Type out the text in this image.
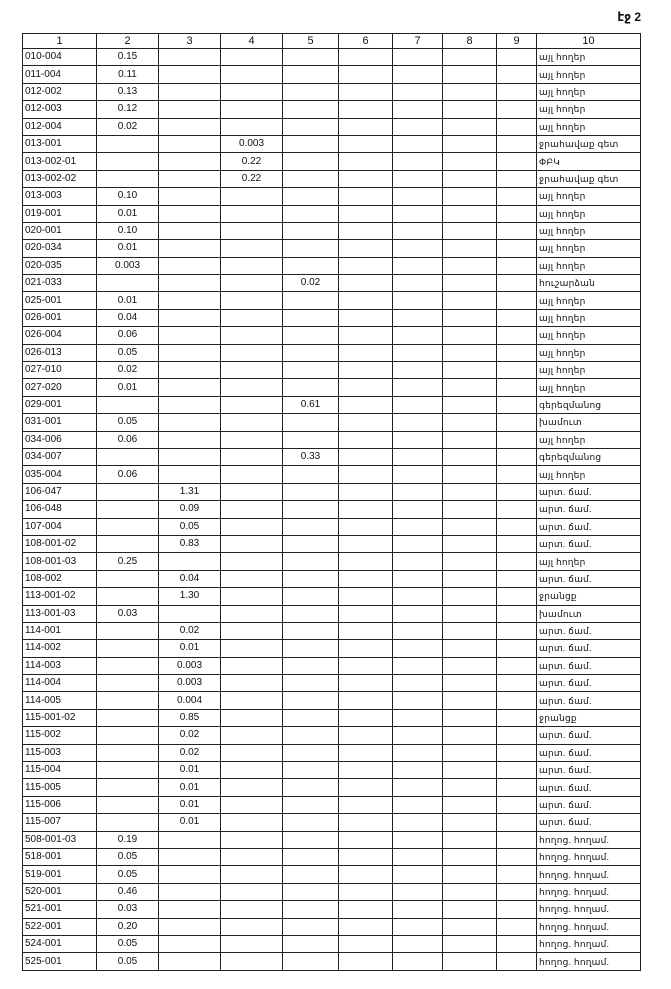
էջ 2
1	2	3	4	5	6	7	8	9	10
010-004	0.15								այլ հողեր
011-004	0.11								այլ հողեր
012-002	0.13								այլ հողեր
012-003	0.12								այլ հողեր
012-004	0.02								այլ հողեր
013-001			0.003						ջրահավաք գետ
013-002-01			0.22						ՓԲԿ
013-002-02			0.22						ջրահավաք գետ
013-003	0.10								այլ հողեր
019-001	0.01								այլ հողեր
020-001	0.10								այլ հողեր
020-034	0.01								այլ հողեր
020-035	0.003								այլ հողեր
021-033				0.02					հուշարձան
025-001	0.01								այլ հողեր
026-001	0.04								այլ հողեր
026-004	0.06								այլ հողեր
026-013	0.05								այլ հողեր
027-010	0.02								այլ հողեր
027-020	0.01								այլ հողեր
029-001				0.61					գերեզմանոց
031-001	0.05								խամուտ
034-006	0.06								այլ հողեր
034-007				0.33					գերեզմանոց
035-004	0.06								այլ հողեր
106-047		1.31							արտ. ճամ.
106-048		0.09							արտ. ճամ.
107-004		0.05							արտ. ճամ.
108-001-02		0.83							արտ. ճամ.
108-001-03	0.25								այլ հողեր
108-002		0.04							արտ. ճամ.
113-001-02		1.30							ջրանցք
113-001-03	0.03								խամուտ
114-001		0.02							արտ. ճամ.
114-002		0.01							արտ. ճամ.
114-003		0.003							արտ. ճամ.
114-004		0.003							արտ. ճամ.
114-005		0.004							արտ. ճամ.
115-001-02		0.85							ջրանցք
115-002		0.02							արտ. ճամ.
115-003		0.02							արտ. ճամ.
115-004		0.01							արտ. ճամ.
115-005		0.01							արտ. ճամ.
115-006		0.01							արտ. ճամ.
115-007		0.01							արտ. ճամ.
508-001-03	0.19								հողոց. հողամ.
518-001	0.05								հողոց. հողամ.
519-001	0.05								հողոց. հողամ.
520-001	0.46								հողոց. հողամ.
521-001	0.03								հողոց. հողամ.
522-001	0.20								հողոց. հողամ.
524-001	0.05								հողոց. հողամ.
525-001	0.05								հողոց. հողամ.
